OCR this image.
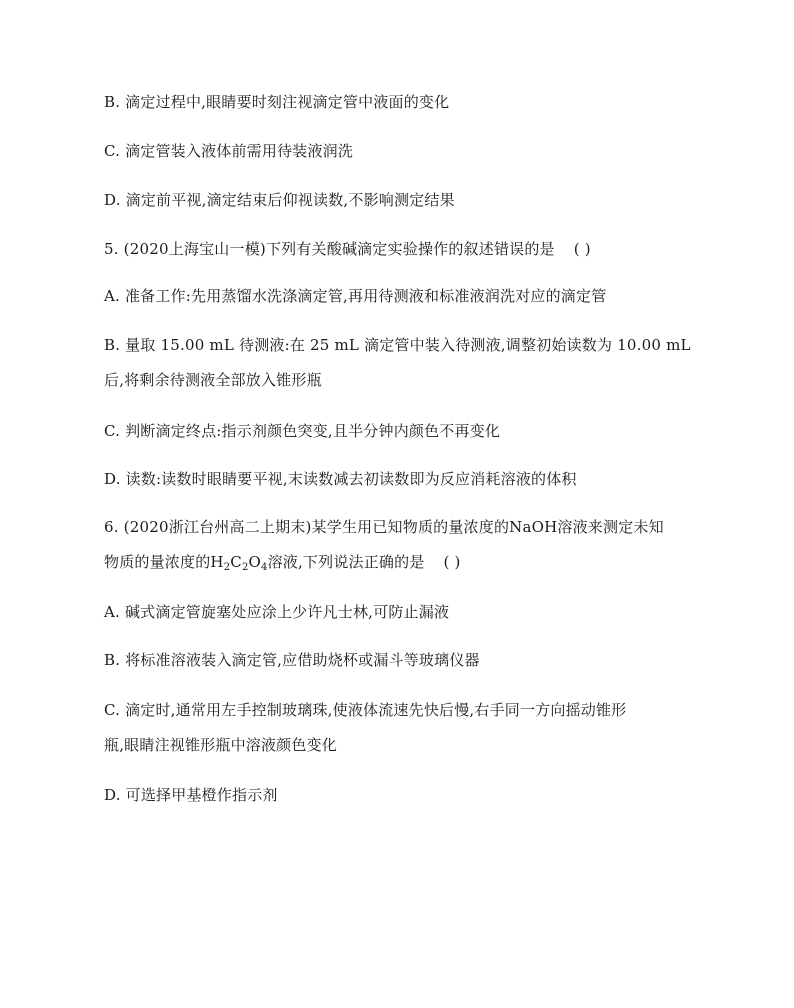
B. 滴定过程中,眼睛要时刻注视滴定管中液面的变化
C. 滴定管装入液体前需用待装液润洗
D. 滴定前平视,滴定结束后仰视读数,不影响测定结果
5. (2020上海宝山一模)下列有关酸碱滴定实验操作的叙述错误的是 ( )
A. 准备工作:先用蒸馏水洗涤滴定管,再用待测液和标准液润洗对应的滴定管
B. 量取 15.00 mL 待测液:在 25 mL 滴定管中装入待测液,调整初始读数为 10.00 mL
后,将剩余待测液全部放入锥形瓶
C. 判断滴定终点:指示剂颜色突变,且半分钟内颜色不再变化
D. 读数:读数时眼睛要平视,末读数减去初读数即为反应消耗溶液的体积
6. (2020浙江台州高二上期末)某学生用已知物质的量浓度的NaOH溶液来测定未知
物质的量浓度的$H_2C_2O_4$溶液,下列说法正确的是 ( )
A. 碱式滴定管旋塞处应涂上少许凡士林,可防止漏液
B. 将标准溶液装入滴定管,应借助烧杯或漏斗等玻璃仪器
C. 滴定时,通常用左手控制玻璃珠,使液体流速先快后慢,右手同一方向摇动锥形
瓶,眼睛注视锥形瓶中溶液颜色变化
D. 可选择甲基橙作指示剂
